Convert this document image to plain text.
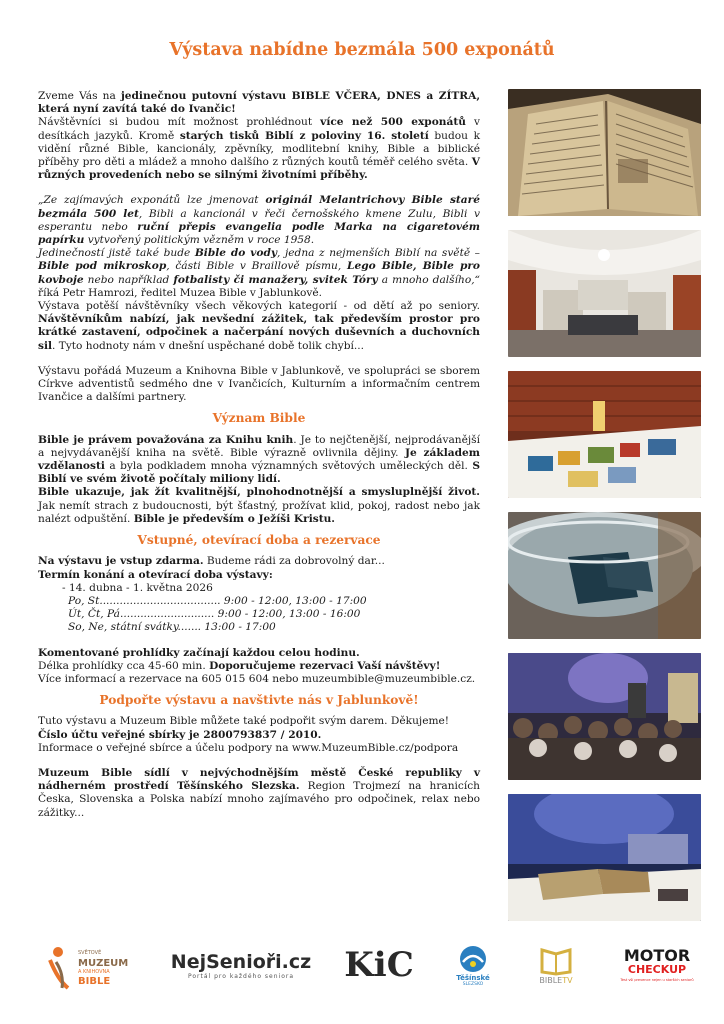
Výstava nabídne bezmála 500 exponátů

Zveme Vás na jedinečnou putovní výstavu BIBLE VČERA, DNES a ZÍTRA, která nyní zavítá také do Ivančic!

Návštěvníci si budou mít možnost prohlédnout více než 500 exponátů v desítkách jazyků. Kromě starých tisků Biblí z poloviny 16. století budou k vidění různé Bible, kancionály, zpěvníky, modlitební knihy, Bible a biblické příběhy pro děti a mládež a mnoho dalšího z různých koutů téměř celého světa. V různých provedeních nebo se silnými životními příběhy.

„Ze zajímavých exponátů lze jmenovat originál Melantrichovy Bible staré bezmála 500 let, Bibli a kancionál v řeči černošského kmene Zulu, Bibli v esperantu nebo ruční přepis evangelia podle Marka na cigaretovém papírku vytvořený politickým vězněm v roce 1958.

Jedinečností jistě také bude Bible do vody, jedna z nejmenších Biblí na světě – Bible pod mikroskop, části Bible v Braillově písmu, Lego Bible, Bible pro kovboje nebo například fotbalisty či manažery, svitek Tóry a mnoho dalšího,“ říká Petr Hamrozi, ředitel Muzea Bible v Jablunkově.

Výstava potěší návštěvníky všech věkových kategorií - od dětí až po seniory. Návštěvníkům nabízí, jak nevšední zážitek, tak především prostor pro krátké zastavení, odpočinek a načerpání nových duševních a duchovních sil. Tyto hodnoty nám v dnešní uspěchané době tolik chybí...

Výstavu pořádá Muzeum a Knihovna Bible v Jablunkově, ve spolupráci se sborem Církve adventistů sedmého dne v Ivančicích, Kulturním a informačním centrem Ivančice a dalšími partnery.

Význam Bible

Bible je právem považována za Knihu knih. Je to nejčtenější, nejprodávanější a nejvydávanější kniha na světě. Bible výrazně ovlivnila dějiny. Je základem vzdělanosti a byla podkladem mnoha významných světových uměleckých děl. S Biblí ve svém životě počítaly miliony lidí.

Bible ukazuje, jak žít kvalitnější, plnohodnotnější a smysluplnější život. Jak nemít strach z budoucnosti, být šťastný, prožívat klid, pokoj, radost nebo jak nalézt odpuštění. Bible je především o Ježíši Kristu.

Vstupné, otevírací doba a rezervace

Na výstavu je vstup zdarma. Budeme rádi za dobrovolný dar...

Termín konání a otevírací doba výstavy:

- 14. dubna - 1. května 2026

Po, St.................................... 9:00 - 12:00, 13:00 - 17:00

Út, Čt, Pá............................ 9:00 - 12:00, 13:00 - 16:00

So, Ne, státní svátky....... 13:00 - 17:00

Komentované prohlídky začínají každou celou hodinu.

Délka prohlídky cca 45-60 min. Doporučujeme rezervaci Vaší návštěvy!

Více informací a rezervace na 605 015 604 nebo muzeumbible@muzeumbible.cz.

Podpořte výstavu a navštivte nás v Jablunkově!

Tuto výstavu a Muzeum Bible můžete také podpořit svým darem. Děkujeme!

Číslo účtu veřejné sbírky je 2800793837 / 2010.

Informace o veřejné sbírce a účelu podpory na www.MuzeumBible.cz/podpora

Muzeum Bible sídlí v nejvýchodnějším městě České republiky v nádherném prostředí Těšínského Slezska. Region Trojmezí na hranicích Česka, Slovenska a Polska nabízí mnoho zajímavého pro odpočinek, relax nebo zážitky...

SVĚTOVÉ
MUZEUM
A KNIHOVNA
BIBLE
NejSenioři.cz
Portál pro každého seniora KiC	Těšínské
SLEZSKO	BIBLETV
MOTOR
CHECKUP
Test vší prevence nejen u starších seniorů
